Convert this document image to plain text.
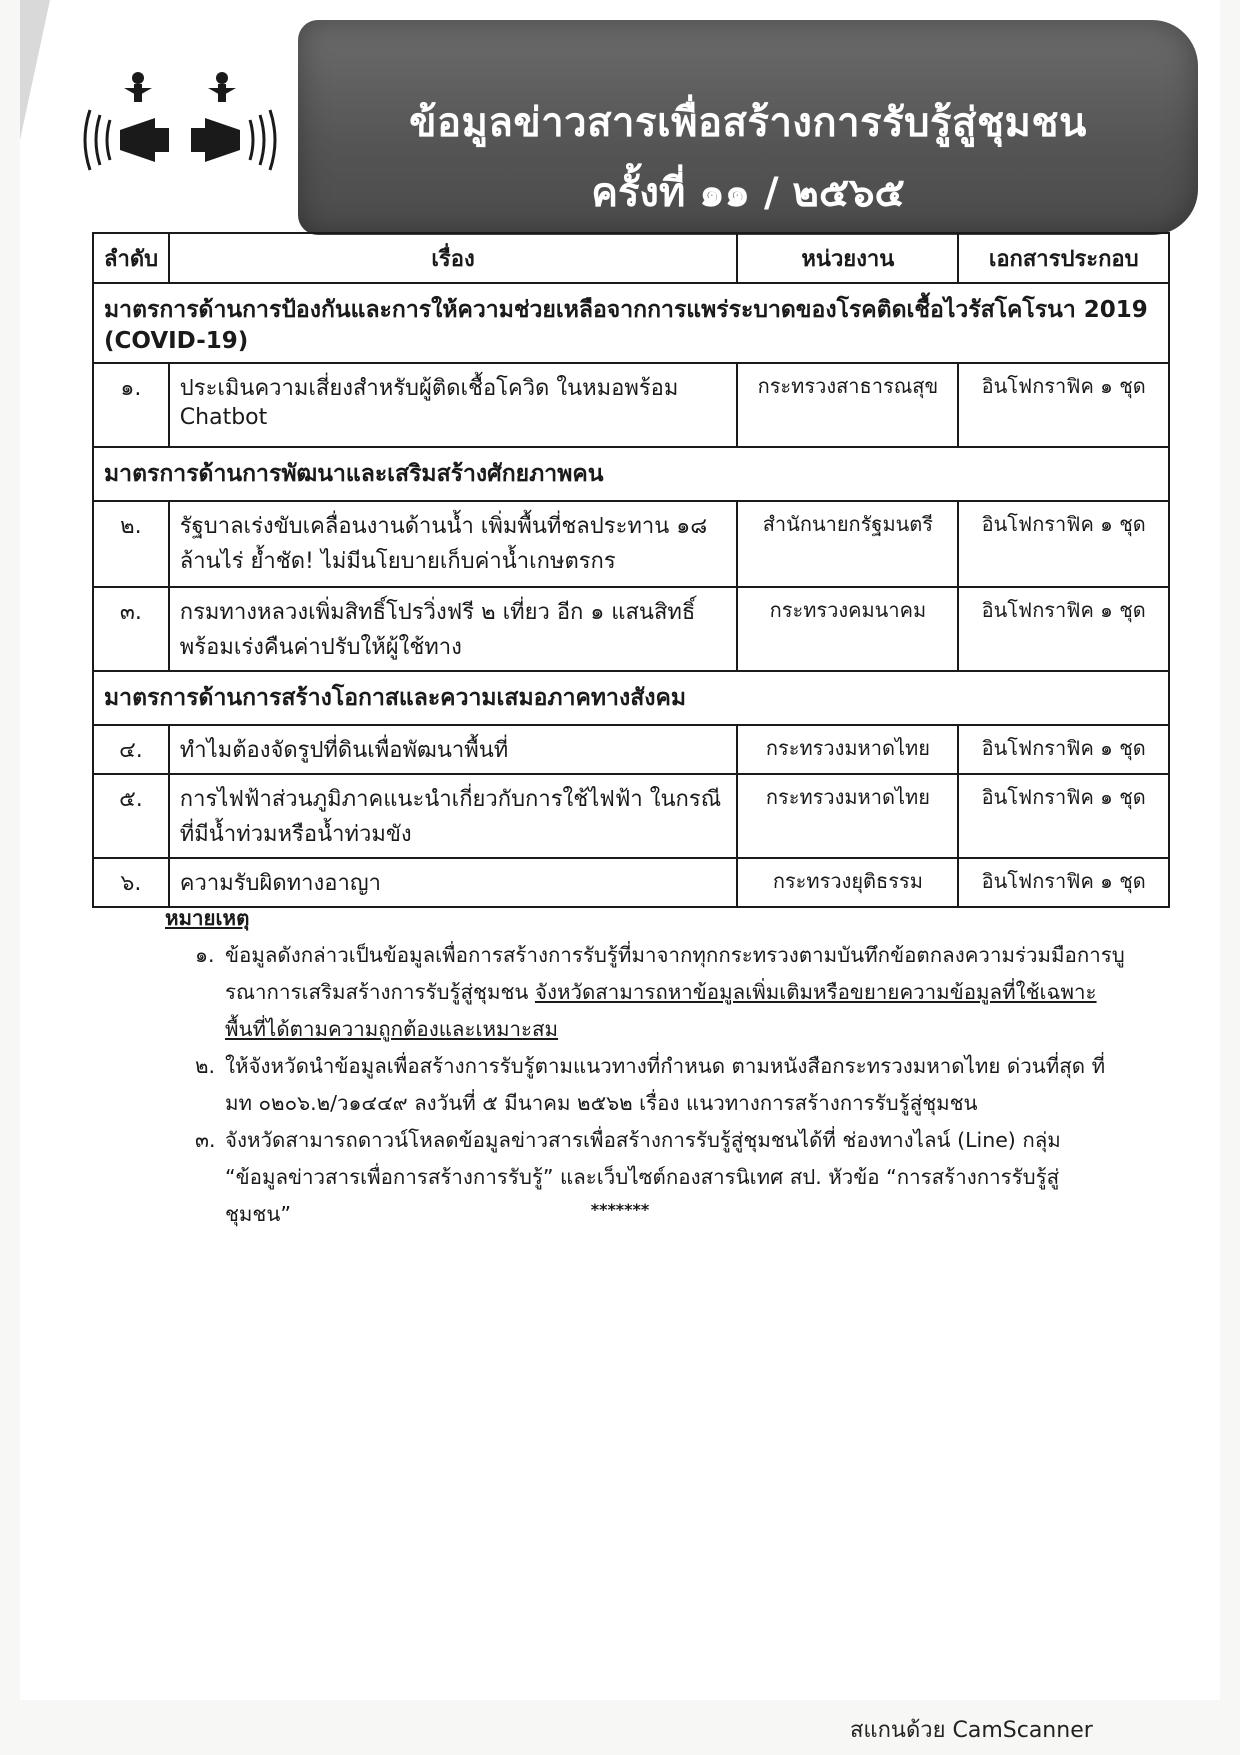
ข้อมูลข่าวสารเพื่อสร้างการรับรู้สู่ชุมชน
ครั้งที่ ๑๑ / ๒๕๖๕
ลำดับ	เรื่อง	หน่วยงาน	เอกสารประกอบ
มาตรการด้านการป้องกันและการให้ความช่วยเหลือจากการแพร่ระบาดของโรคติดเชื้อไวรัสโคโรนา 2019 (COVID-19)			
๑.	ประเมินความเสี่ยงสำหรับผู้ติดเชื้อโควิด ในหมอพร้อม Chatbot	กระทรวงสาธารณสุข	อินโฟกราฟิค ๑ ชุด
มาตรการด้านการพัฒนาและเสริมสร้างศักยภาพคน			
๒.	รัฐบาลเร่งขับเคลื่อนงานด้านน้ำ เพิ่มพื้นที่ชลประทาน ๑๘ ล้านไร่ ย้ำชัด! ไม่มีนโยบายเก็บค่าน้ำเกษตรกร	สำนักนายกรัฐมนตรี	อินโฟกราฟิค ๑ ชุด
๓.	กรมทางหลวงเพิ่มสิทธิ์โปรวิ่งฟรี ๒ เที่ยว อีก ๑ แสนสิทธิ์ พร้อมเร่งคืนค่าปรับให้ผู้ใช้ทาง	กระทรวงคมนาคม	อินโฟกราฟิค ๑ ชุด
มาตรการด้านการสร้างโอกาสและความเสมอภาคทางสังคม			
๔.	ทำไมต้องจัดรูปที่ดินเพื่อพัฒนาพื้นที่	กระทรวงมหาดไทย	อินโฟกราฟิค ๑ ชุด
๕.	การไฟฟ้าส่วนภูมิภาคแนะนำเกี่ยวกับการใช้ไฟฟ้า ในกรณีที่มีน้ำท่วมหรือน้ำท่วมขัง	กระทรวงมหาดไทย	อินโฟกราฟิค ๑ ชุด
๖.	ความรับผิดทางอาญา	กระทรวงยุติธรรม	อินโฟกราฟิค ๑ ชุด
หมายเหตุ
๑. ข้อมูลดังกล่าวเป็นข้อมูลเพื่อการสร้างการรับรู้ที่มาจากทุกกระทรวงตามบันทึกข้อตกลงความร่วมมือการบูรณาการเสริมสร้างการรับรู้สู่ชุมชน จังหวัดสามารถหาข้อมูลเพิ่มเติมหรือขยายความข้อมูลที่ใช้เฉพาะพื้นที่ได้ตามความถูกต้องและเหมาะสม
๒. ให้จังหวัดนำข้อมูลเพื่อสร้างการรับรู้ตามแนวทางที่กำหนด ตามหนังสือกระทรวงมหาดไทย ด่วนที่สุด ที่ มท ๐๒๐๖.๒/ว๑๔๔๙ ลงวันที่ ๕ มีนาคม ๒๕๖๒ เรื่อง แนวทางการสร้างการรับรู้สู่ชุมชน
๓. จังหวัดสามารถดาวน์โหลดข้อมูลข่าวสารเพื่อสร้างการรับรู้สู่ชุมชนได้ที่ ช่องทางไลน์ (Line) กลุ่ม “ข้อมูลข่าวสารเพื่อการสร้างการรับรู้” และเว็บไซต์กองสารนิเทศ สป. หัวข้อ “การสร้างการรับรู้สู่ชุมชน”	*******
สแกนด้วย CamScanner
